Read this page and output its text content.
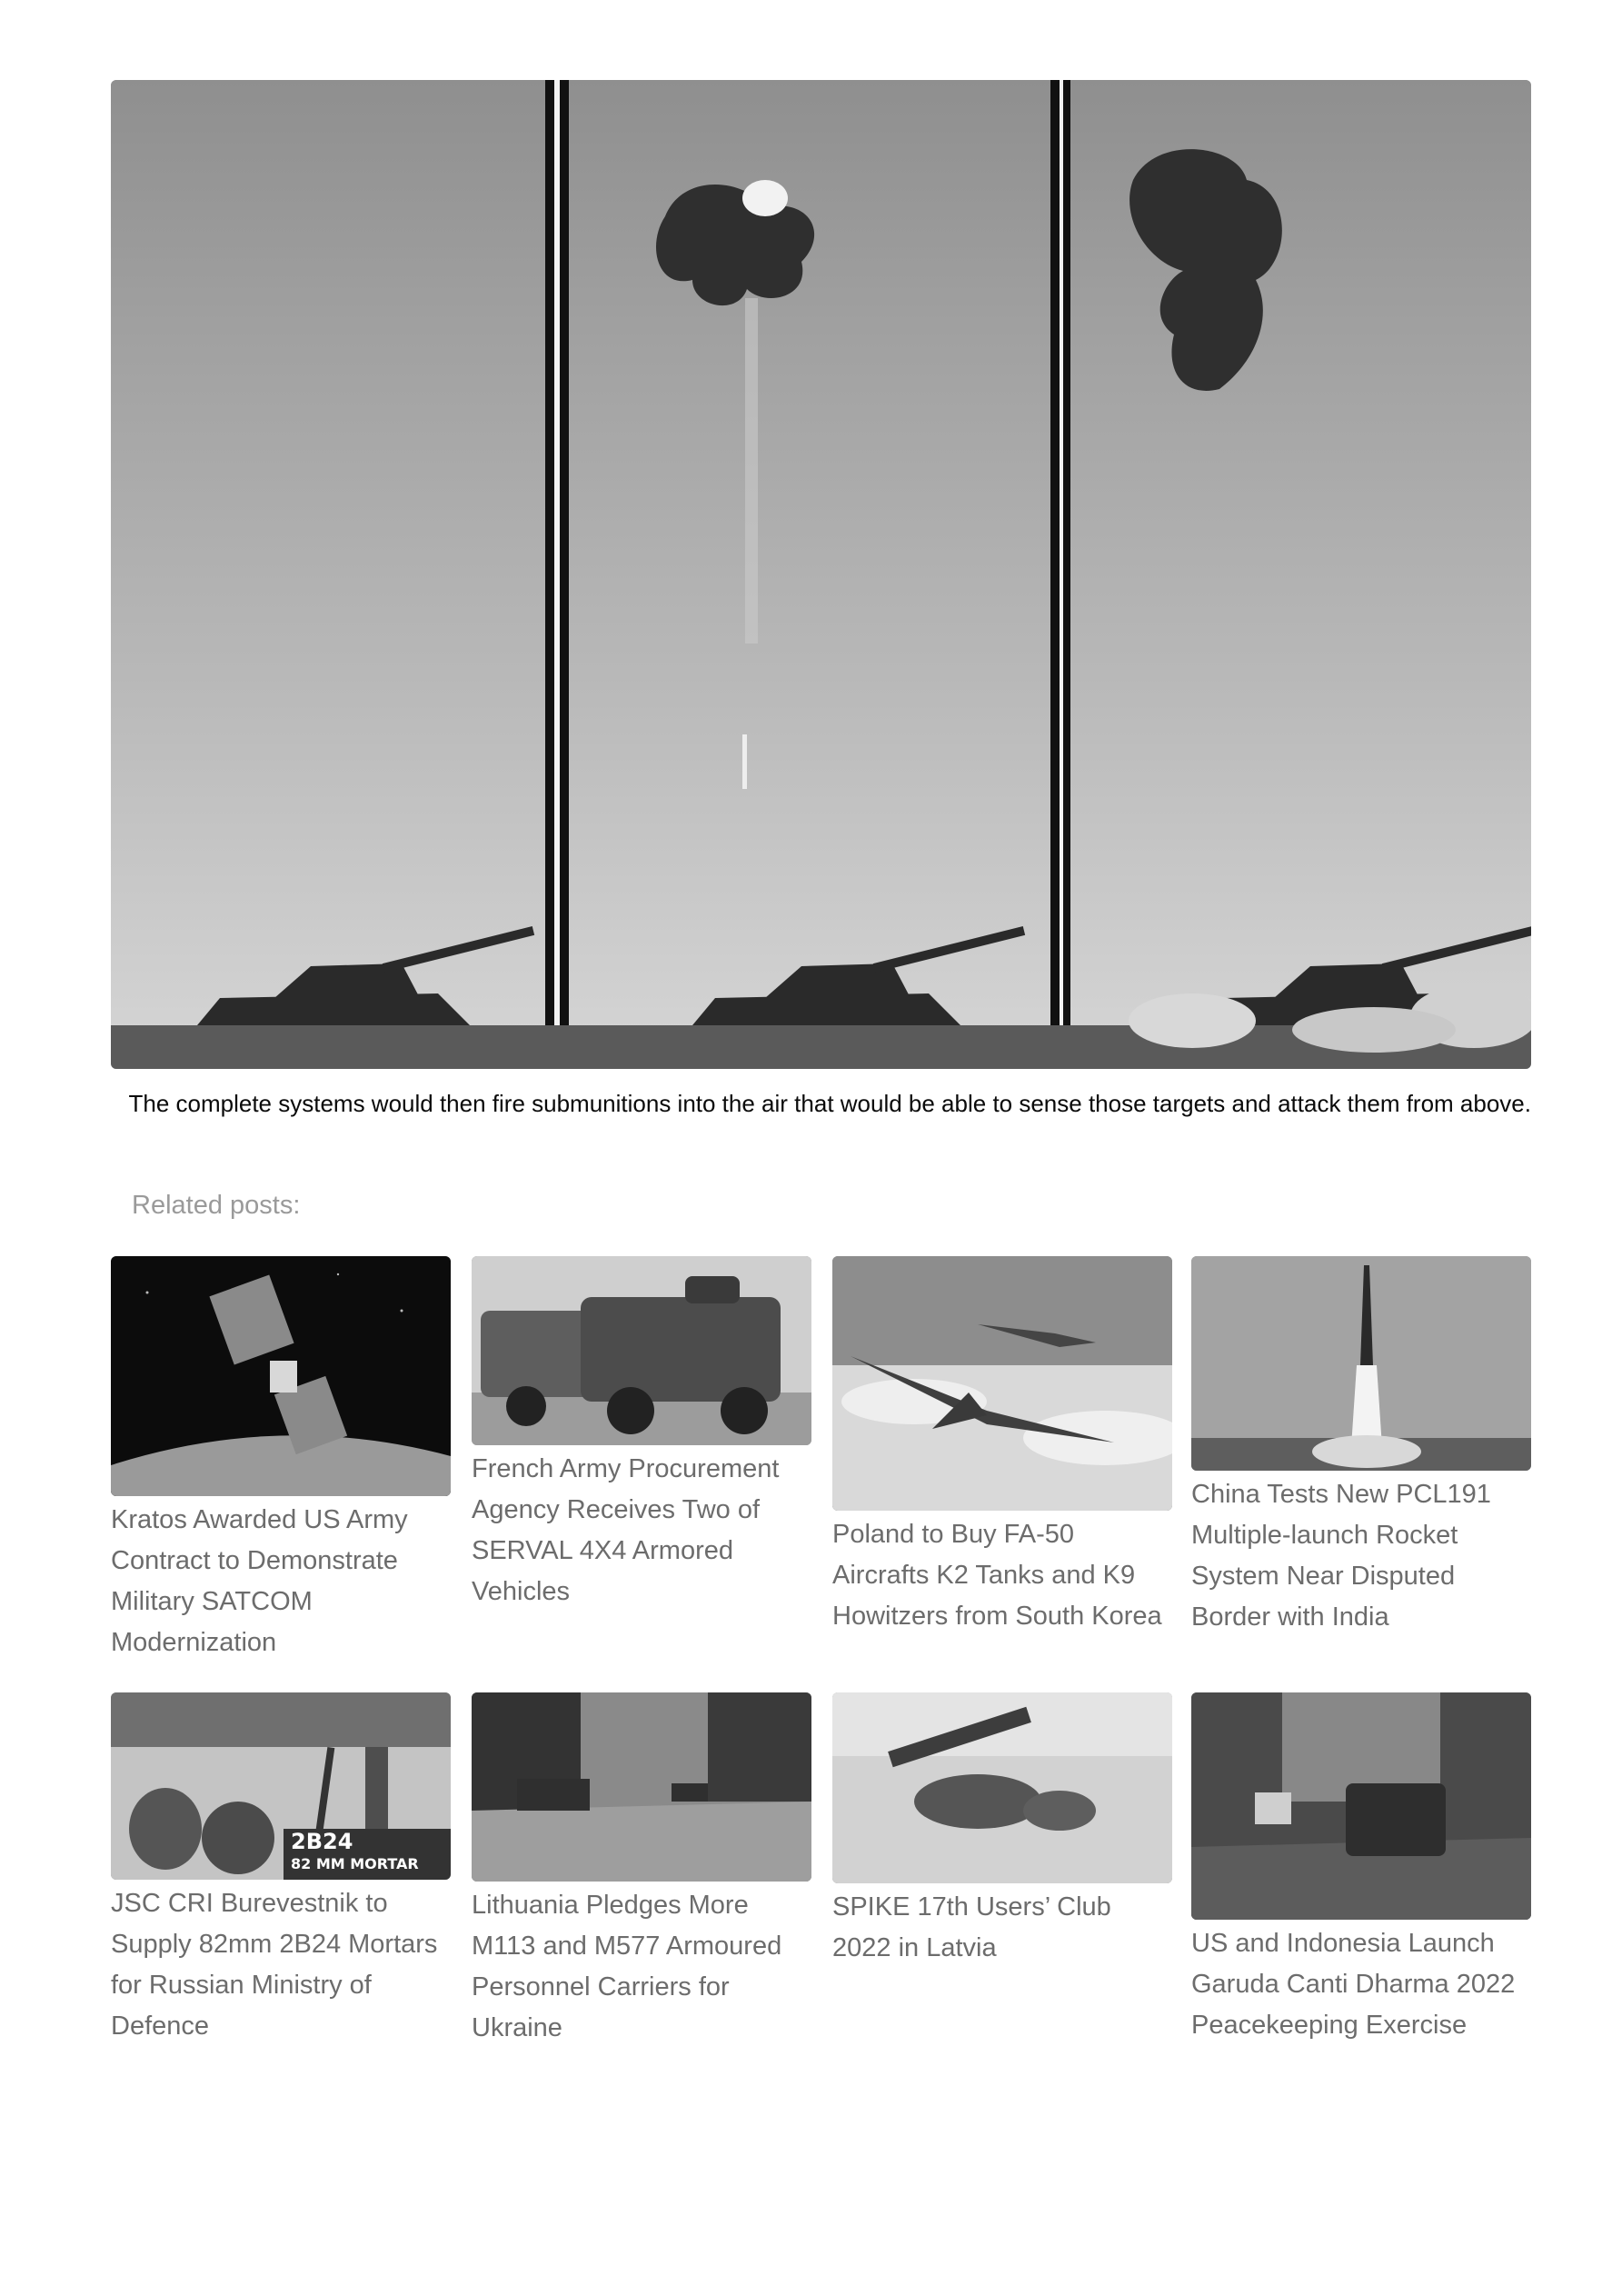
The complete systems would then fire submunitions into the air that would be able to sense those targets and attack them from above.

Related posts:
Kratos Awarded US Army Contract to Demonstrate Military SATCOM Modernization
French Army Procurement Agency Receives Two of SERVAL 4X4 Armored Vehicles
Poland to Buy FA-50 Aircrafts K2 Tanks and K9 Howitzers from South Korea
China Tests New PCL191 Multiple-launch Rocket System Near Disputed Border with India
2B24
82 MM MORTAR
JSC CRI Burevestnik to Supply 82mm 2B24 Mortars for Russian Ministry of Defence
Lithuania Pledges More M113 and M577 Armoured Personnel Carriers for Ukraine
SPIKE 17th Users’ Club 2022 in Latvia	US and Indonesia Launch Garuda Canti Dharma 2022 Peacekeeping Exercise
